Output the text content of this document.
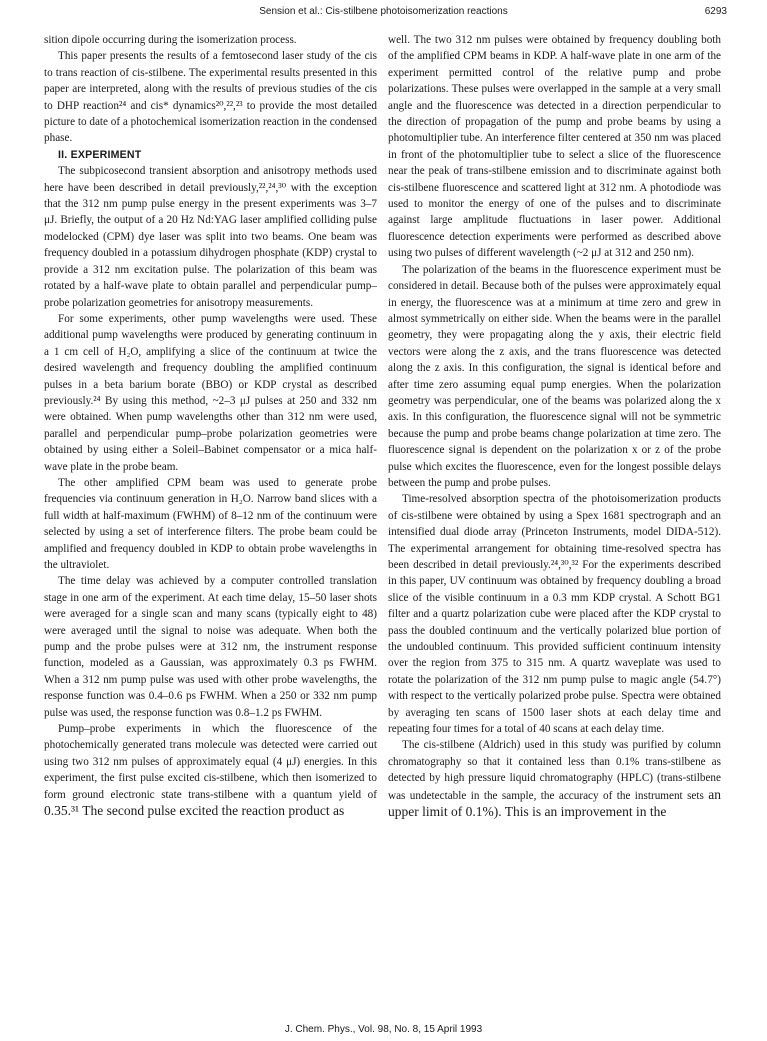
Sension et al.: Cis-stilbene photoisomerization reactions	6293

sition dipole occurring during the isomerization process.

This paper presents the results of a femtosecond laser study of the cis to trans reaction of cis-stilbene. The experimental results presented in this paper are interpreted, along with the results of previous studies of the cis to DHP reaction²⁴ and cis* dynamics²⁰,²²,²³ to provide the most detailed picture to date of a photochemical isomerization reaction in the condensed phase.

II. EXPERIMENT

The subpicosecond transient absorption and anisotropy methods used here have been described in detail previously,²²,²⁴,³⁰ with the exception that the 312 nm pump pulse energy in the present experiments was 3–7 μJ. Briefly, the output of a 20 Hz Nd:YAG laser amplified colliding pulse modelocked (CPM) dye laser was split into two beams. One beam was frequency doubled in a potassium dihydrogen phosphate (KDP) crystal to provide a 312 nm excitation pulse. The polarization of this beam was rotated by a half-wave plate to obtain parallel and perpendicular pump–probe polarization geometries for anisotropy measurements.

For some experiments, other pump wavelengths were used. These additional pump wavelengths were produced by generating continuum in a 1 cm cell of H₂O, amplifying a slice of the continuum at twice the desired wavelength and frequency doubling the amplified continuum pulses in a beta barium borate (BBO) or KDP crystal as described previously.²⁴ By using this method, ~2–3 μJ pulses at 250 and 332 nm were obtained. When pump wavelengths other than 312 nm were used, parallel and perpendicular pump–probe polarization geometries were obtained by using either a Soleil–Babinet compensator or a mica half-wave plate in the probe beam.

The other amplified CPM beam was used to generate probe frequencies via continuum generation in H₂O. Narrow band slices with a full width at half-maximum (FWHM) of 8–12 nm of the continuum were selected by using a set of interference filters. The probe beam could be amplified and frequency doubled in KDP to obtain probe wavelengths in the ultraviolet.

The time delay was achieved by a computer controlled translation stage in one arm of the experiment. At each time delay, 15–50 laser shots were averaged for a single scan and many scans (typically eight to 48) were averaged until the signal to noise was adequate. When both the pump and the probe pulses were at 312 nm, the instrument response function, modeled as a Gaussian, was approximately 0.3 ps FWHM. When a 312 nm pump pulse was used with other probe wavelengths, the response function was 0.4–0.6 ps FWHM. When a 250 or 332 nm pump pulse was used, the response function was 0.8–1.2 ps FWHM.

Pump–probe experiments in which the fluorescence of the photochemically generated trans molecule was detected were carried out using two 312 nm pulses of approximately equal (4 μJ) energies. In this experiment, the first pulse excited cis-stilbene, which then isomerized to form ground electronic state trans-stilbene with a quantum yield of 0.35.³¹ The second pulse excited the reaction product as

well. The two 312 nm pulses were obtained by frequency doubling both of the amplified CPM beams in KDP. A half-wave plate in one arm of the experiment permitted control of the relative pump and probe polarizations. These pulses were overlapped in the sample at a very small angle and the fluorescence was detected in a direction perpendicular to the direction of propagation of the pump and probe beams by using a photomultiplier tube. An interference filter centered at 350 nm was placed in front of the photomultiplier tube to select a slice of the fluorescence near the peak of trans-stilbene emission and to discriminate against both cis-stilbene fluorescence and scattered light at 312 nm. A photodiode was used to monitor the energy of one of the pulses and to discriminate against large amplitude fluctuations in laser power. Additional fluorescence detection experiments were performed as described above using two pulses of different wavelength (~2 μJ at 312 and 250 nm).

The polarization of the beams in the fluorescence experiment must be considered in detail. Because both of the pulses were approximately equal in energy, the fluorescence was at a minimum at time zero and grew in almost symmetrically on either side. When the beams were in the parallel geometry, they were propagating along the y axis, their electric field vectors were along the z axis, and the trans fluorescence was detected along the z axis. In this configuration, the signal is identical before and after time zero assuming equal pump energies. When the polarization geometry was perpendicular, one of the beams was polarized along the x axis. In this configuration, the fluorescence signal will not be symmetric because the pump and probe beams change polarization at time zero. The fluorescence signal is dependent on the polarization x or z of the probe pulse which excites the fluorescence, even for the longest possible delays between the pump and probe pulses.

Time-resolved absorption spectra of the photoisomerization products of cis-stilbene were obtained by using a Spex 1681 spectrograph and an intensified dual diode array (Princeton Instruments, model DIDA-512). The experimental arrangement for obtaining time-resolved spectra has been described in detail previously.²⁴,³⁰,³² For the experiments described in this paper, UV continuum was obtained by frequency doubling a broad slice of the visible continuum in a 0.3 mm KDP crystal. A Schott BG1 filter and a quartz polarization cube were placed after the KDP crystal to pass the doubled continuum and the vertically polarized blue portion of the undoubled continuum. This provided sufficient continuum intensity over the region from 375 to 315 nm. A quartz waveplate was used to rotate the polarization of the 312 nm pump pulse to magic angle (54.7°) with respect to the vertically polarized probe pulse. Spectra were obtained by averaging ten scans of 1500 laser shots at each delay time and repeating four times for a total of 40 scans at each delay time.

The cis-stilbene (Aldrich) used in this study was purified by column chromatography so that it contained less than 0.1% trans-stilbene as detected by high pressure liquid chromatography (HPLC) (trans-stilbene was undetectable in the sample, the accuracy of the instrument sets an upper limit of 0.1%). This is an improvement in the

J. Chem. Phys., Vol. 98, No. 8, 15 April 1993
